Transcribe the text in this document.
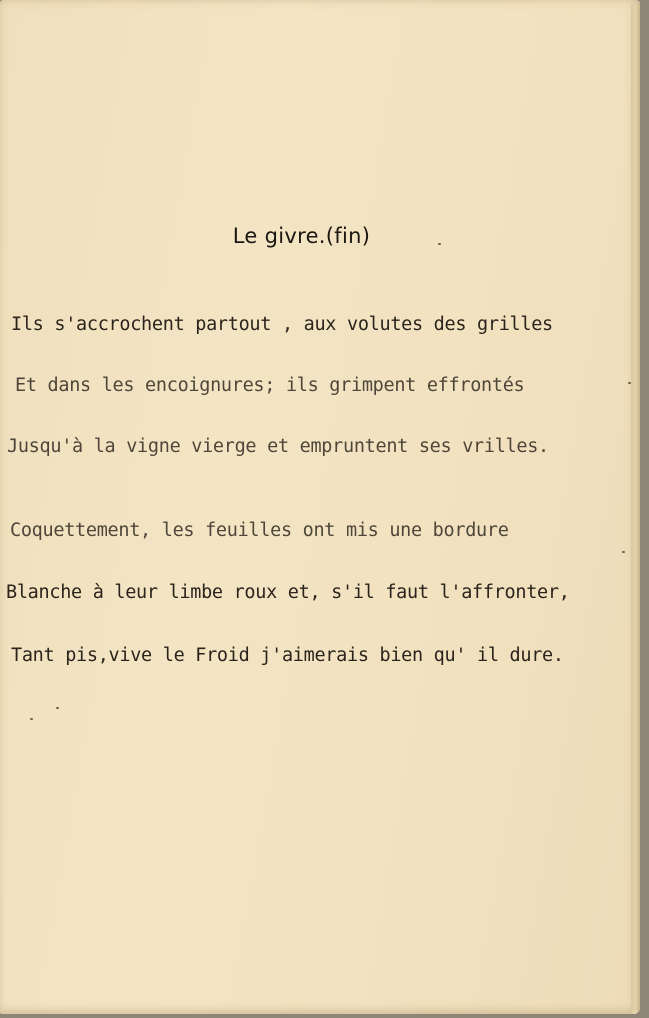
Le givre.(fin)
Ils s'accrochent partout , aux volutes des grilles
Et dans les encoignures; ils grimpent effrontés
Jusqu'à la vigne vierge et empruntent ses vrilles.
Coquettement, les feuilles ont mis une bordure
Blanche à leur limbe roux et, s'il faut l'affronter,
Tant pis,vive le Froid j'aimerais bien qu' il dure.
